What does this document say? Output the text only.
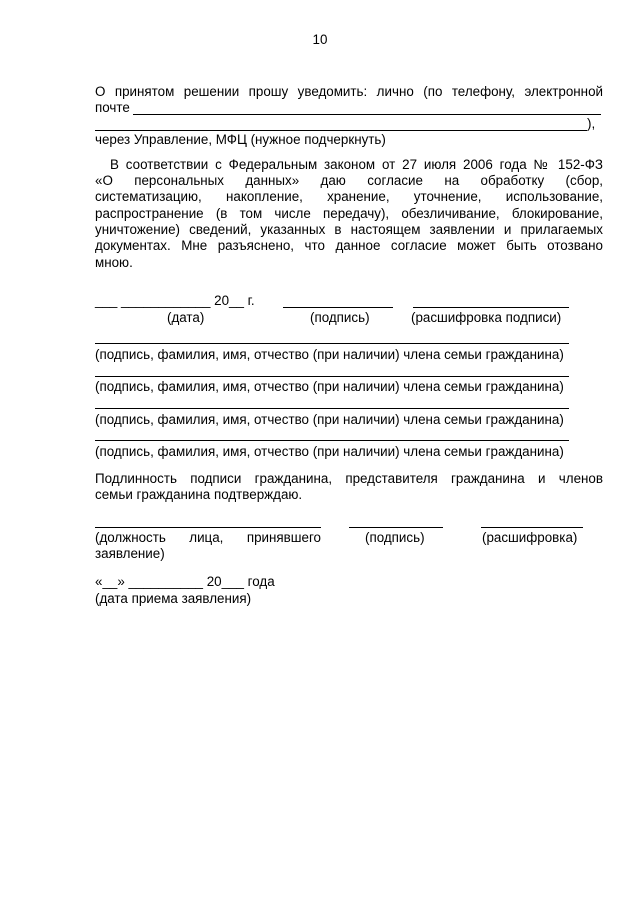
10
О принятом решении прошу уведомить: лично (по телефону, электронной
почте
),
через Управление, МФЦ (нужное подчеркнуть)
В соответствии с Федеральным законом от 27 июля 2006 года № 152-ФЗ
«О персональных данных» даю согласие на обработку (сбор,
систематизацию, накопление, хранение, уточнение, использование,
распространение (в том числе передачу), обезличивание, блокирование,
уничтожение) сведений, указанных в настоящем заявлении и прилагаемых
документах. Мне разъяснено, что данное согласие может быть отозвано
мною.
___ ____________ 20__ г.
(дата)	(подпись)	(расшифровка подписи)
(подпись, фамилия, имя, отчество (при наличии) члена семьи гражданина)
(подпись, фамилия, имя, отчество (при наличии) члена семьи гражданина)
(подпись, фамилия, имя, отчество (при наличии) члена семьи гражданина)
(подпись, фамилия, имя, отчество (при наличии) члена семьи гражданина)
Подлинность подписи гражданина, представителя гражданина и членов
семьи гражданина подтверждаю.
(должность лица, принявшего	(подпись)	(расшифровка)
заявление)
«__» __________ 20___ года
(дата приема заявления)
